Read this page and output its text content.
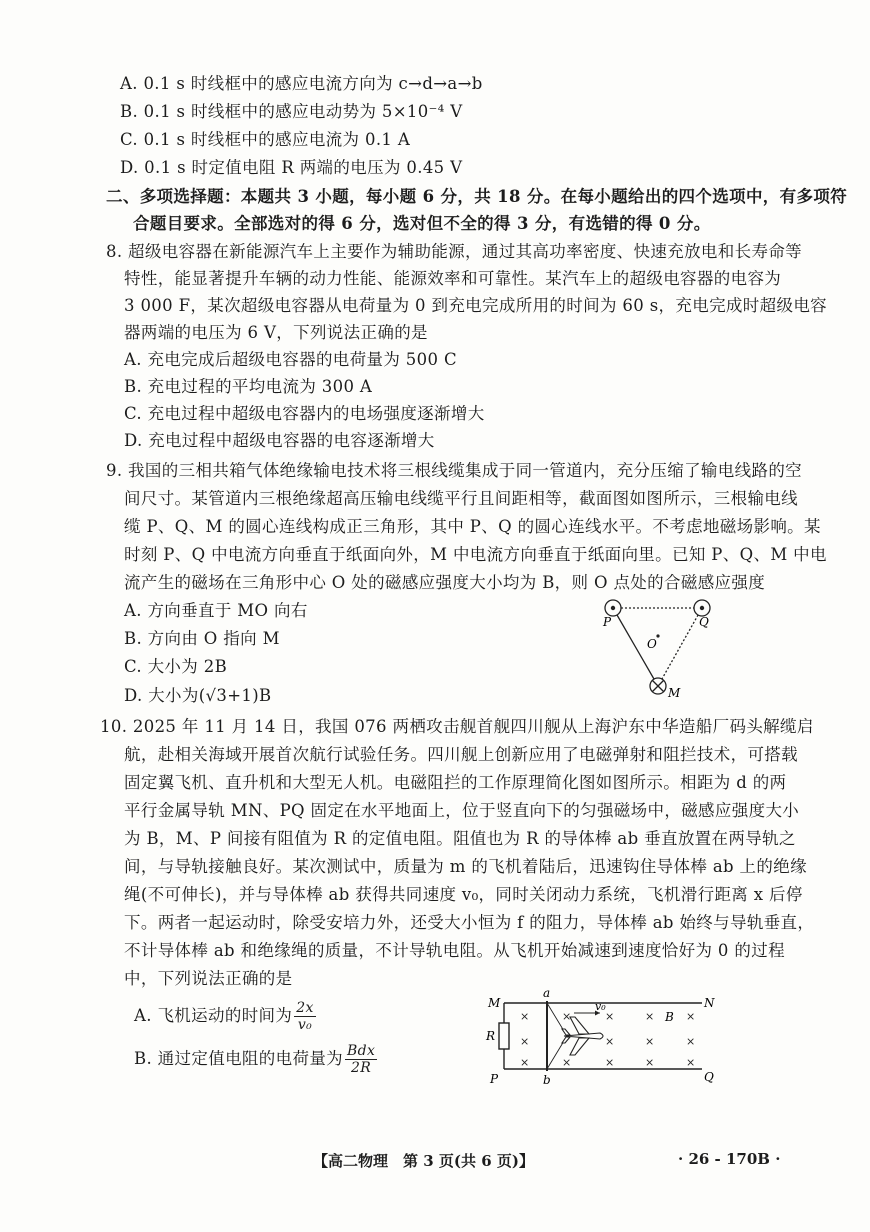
A. 0.1 s 时线框中的感应电流方向为 c→d→a→b
B. 0.1 s 时线框中的感应电动势为 5×10⁻⁴ V
C. 0.1 s 时线框中的感应电流为 0.1 A
D. 0.1 s 时定值电阻 R 两端的电压为 0.45 V
二、多项选择题：本题共 3 小题，每小题 6 分，共 18 分。在每小题给出的四个选项中，有多项符
合题目要求。全部选对的得 6 分，选对但不全的得 3 分，有选错的得 0 分。
8. 超级电容器在新能源汽车上主要作为辅助能源，通过其高功率密度、快速充放电和长寿命等
特性，能显著提升车辆的动力性能、能源效率和可靠性。某汽车上的超级电容器的电容为
3 000 F，某次超级电容器从电荷量为 0 到充电完成所用的时间为 60 s，充电完成时超级电容
器两端的电压为 6 V，下列说法正确的是
A. 充电完成后超级电容器的电荷量为 500 C
B. 充电过程的平均电流为 300 A
C. 充电过程中超级电容器内的电场强度逐渐增大
D. 充电过程中超级电容器的电容逐渐增大
9. 我国的三相共箱气体绝缘输电技术将三根线缆集成于同一管道内，充分压缩了输电线路的空
间尺寸。某管道内三根绝缘超高压输电线缆平行且间距相等，截面图如图所示，三根输电线
缆 P、Q、M 的圆心连线构成正三角形，其中 P、Q 的圆心连线水平。不考虑地磁场影响。某
时刻 P、Q 中电流方向垂直于纸面向外，M 中电流方向垂直于纸面向里。已知 P、Q、M 中电
流产生的磁场在三角形中心 O 处的磁感应强度大小均为 B，则 O 点处的合磁感应强度
A. 方向垂直于 MO 向右
B. 方向由 O 指向 M
C. 大小为 2B
D. 大小为(√3+1)B
P	Q
M
O
10. 2025 年 11 月 14 日，我国 076 两栖攻击舰首舰四川舰从上海沪东中华造船厂码头解缆启
航，赴相关海域开展首次航行试验任务。四川舰上创新应用了电磁弹射和阻拦技术，可搭载
固定翼飞机、直升机和大型无人机。电磁阻拦的工作原理简化图如图所示。相距为 d 的两
平行金属导轨 MN、PQ 固定在水平地面上，位于竖直向下的匀强磁场中，磁感应强度大小
为 B，M、P 间接有阻值为 R 的定值电阻。阻值也为 R 的导体棒 ab 垂直放置在两导轨之
间，与导轨接触良好。某次测试中，质量为 m 的飞机着陆后，迅速钩住导体棒 ab 上的绝缘
绳(不可伸长)，并与导体棒 ab 获得共同速度 v₀，同时关闭动力系统，飞机滑行距离 x 后停
下。两者一起运动时，除受安培力外，还受大小恒为 f 的阻力，导体棒 ab 始终与导轨垂直，
不计导体棒 ab 和绝缘绳的质量，不计导轨电阻。从飞机开始减速到速度恰好为 0 的过程
中，下列说法正确的是
A. 飞机运动的时间为 $\frac{2x}{\text{v₀}}$
B. 通过定值电阻的电荷量为 $\frac{\text{Bdx}}{2R}$
v₀
×
×
×
×
×
×
×
×
×
×
×
×
×
×
B
M	N
P	Q
a
b
R
【高二物理　第 3 页(共 6 页)】	· 26 - 170B ·
